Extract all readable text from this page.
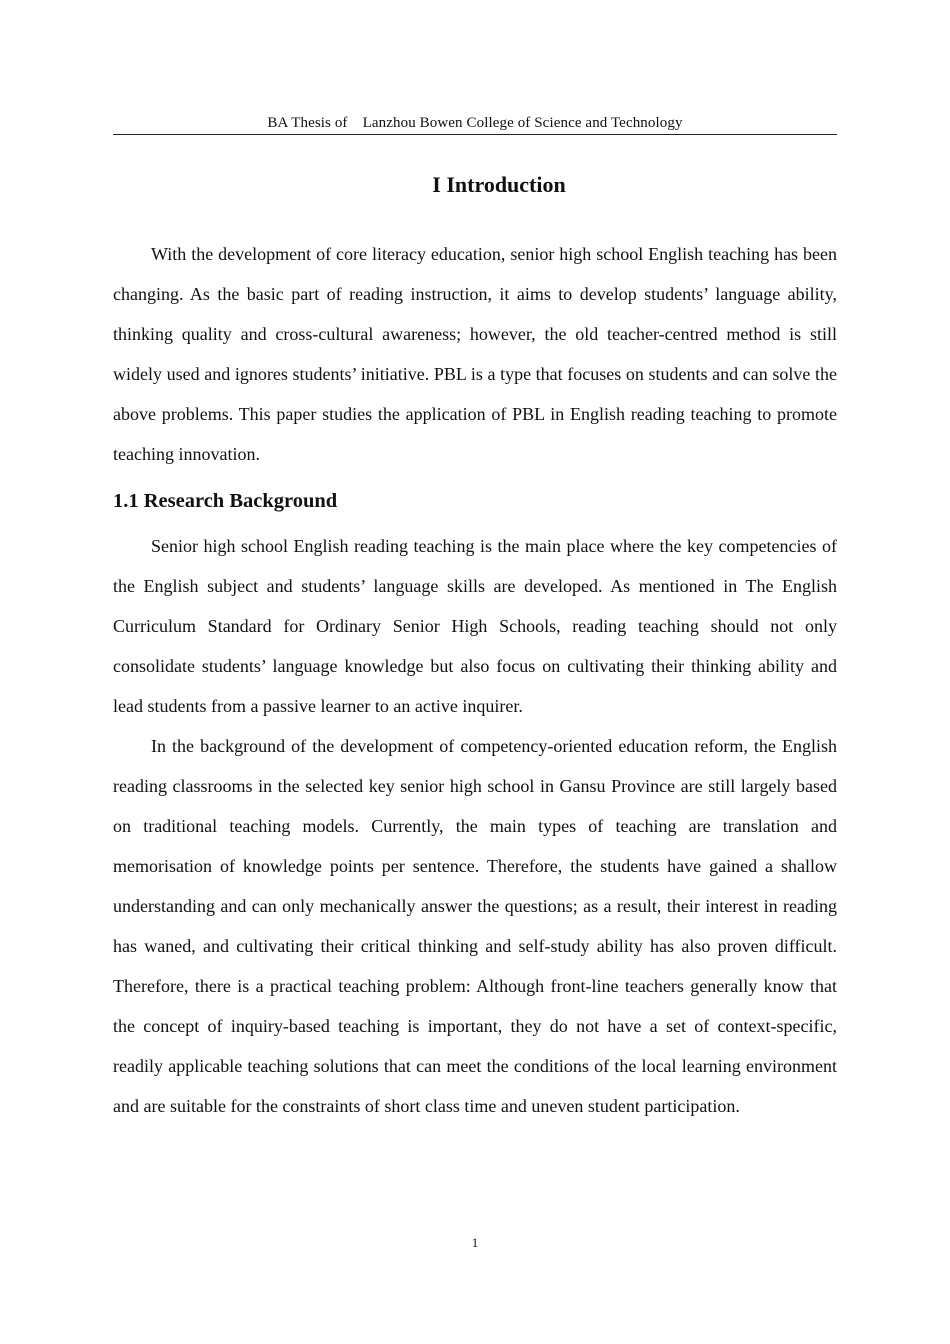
BA Thesis of　Lanzhou Bowen College of Science and Technology
I Introduction

With the development of core literacy education, senior high school English teaching has been changing. As the basic part of reading instruction, it aims to develop students’ language ability, thinking quality and cross-cultural awareness; however, the old teacher-centred method is still widely used and ignores students’ initiative. PBL is a type that focuses on students and can solve the above problems. This paper studies the application of PBL in English reading teaching to promote teaching innovation.

1.1 Research Background

Senior high school English reading teaching is the main place where the key competencies of the English subject and students’ language skills are developed. As mentioned in The English Curriculum Standard for Ordinary Senior High Schools, reading teaching should not only consolidate students’ language knowledge but also focus on cultivating their thinking ability and lead students from a passive learner to an active inquirer.

In the background of the development of competency-oriented education reform, the English reading classrooms in the selected key senior high school in Gansu Province are still largely based on traditional teaching models. Currently, the main types of teaching are translation and memorisation of knowledge points per sentence. Therefore, the students have gained a shallow understanding and can only mechanically answer the questions; as a result, their interest in reading has waned, and cultivating their critical thinking and self-study ability has also proven difficult. Therefore, there is a practical teaching problem: Although front-line teachers generally know that the concept of inquiry-based teaching is important, they do not have a set of context-specific, readily applicable teaching solutions that can meet the conditions of the local learning environment and are suitable for the constraints of short class time and uneven student participation.

1
